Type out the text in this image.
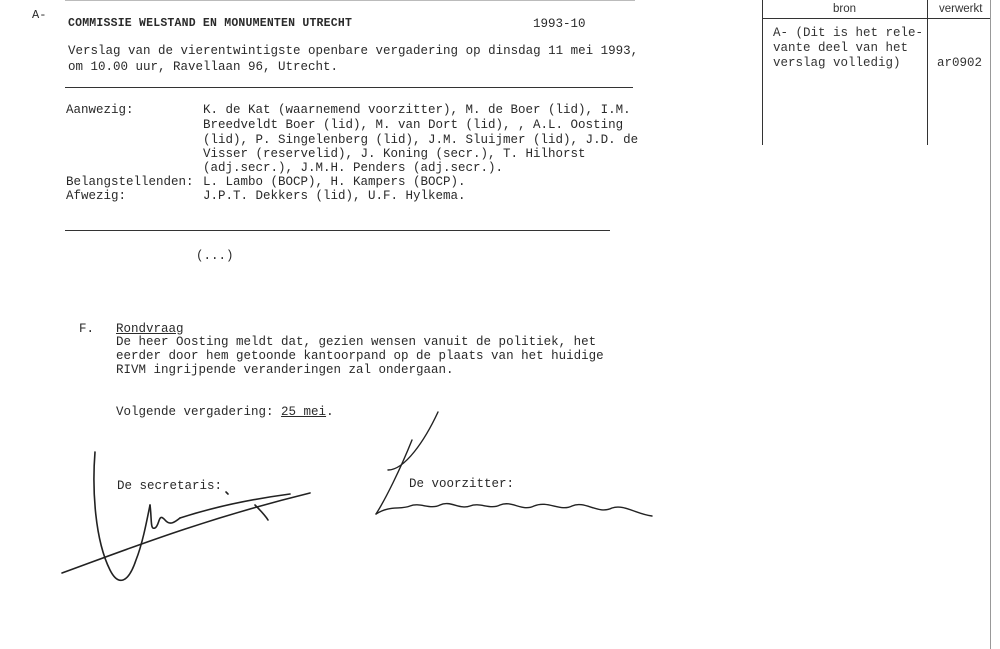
A-
COMMISSIE WELSTAND EN MONUMENTEN UTRECHT	1993-10
Verslag van de vierentwintigste openbare vergadering op dinsdag 11 mei 1993,
om 10.00 uur, Ravellaan 96, Utrecht.
Aanwezig:	K. de Kat (waarnemend voorzitter), M. de Boer (lid), I.M.
Breedveldt Boer (lid), M. van Dort (lid), , A.L. Oosting
(lid), P. Singelenberg (lid), J.M. Sluijmer (lid), J.D. de
Visser (reservelid), J. Koning (secr.), T. Hilhorst
(adj.secr.), J.M.H. Penders (adj.secr.).
Belangstellenden: L. Lambo (BOCP), H. Kampers (BOCP).
Afwezig:	J.P.T. Dekkers (lid), U.F. Hylkema.
(...)
F. Rondvraag
De heer Oosting meldt dat, gezien wensen vanuit de politiek, het
eerder door hem getoonde kantoorpand op de plaats van het huidige
RIVM ingrijpende veranderingen zal ondergaan.
Volgende vergadering: 25 mei.
De secretaris:	De voorzitter:
bron	verwerkt
A- (Dit is het rele-
vante deel van het
verslag volledig)	ar0902
